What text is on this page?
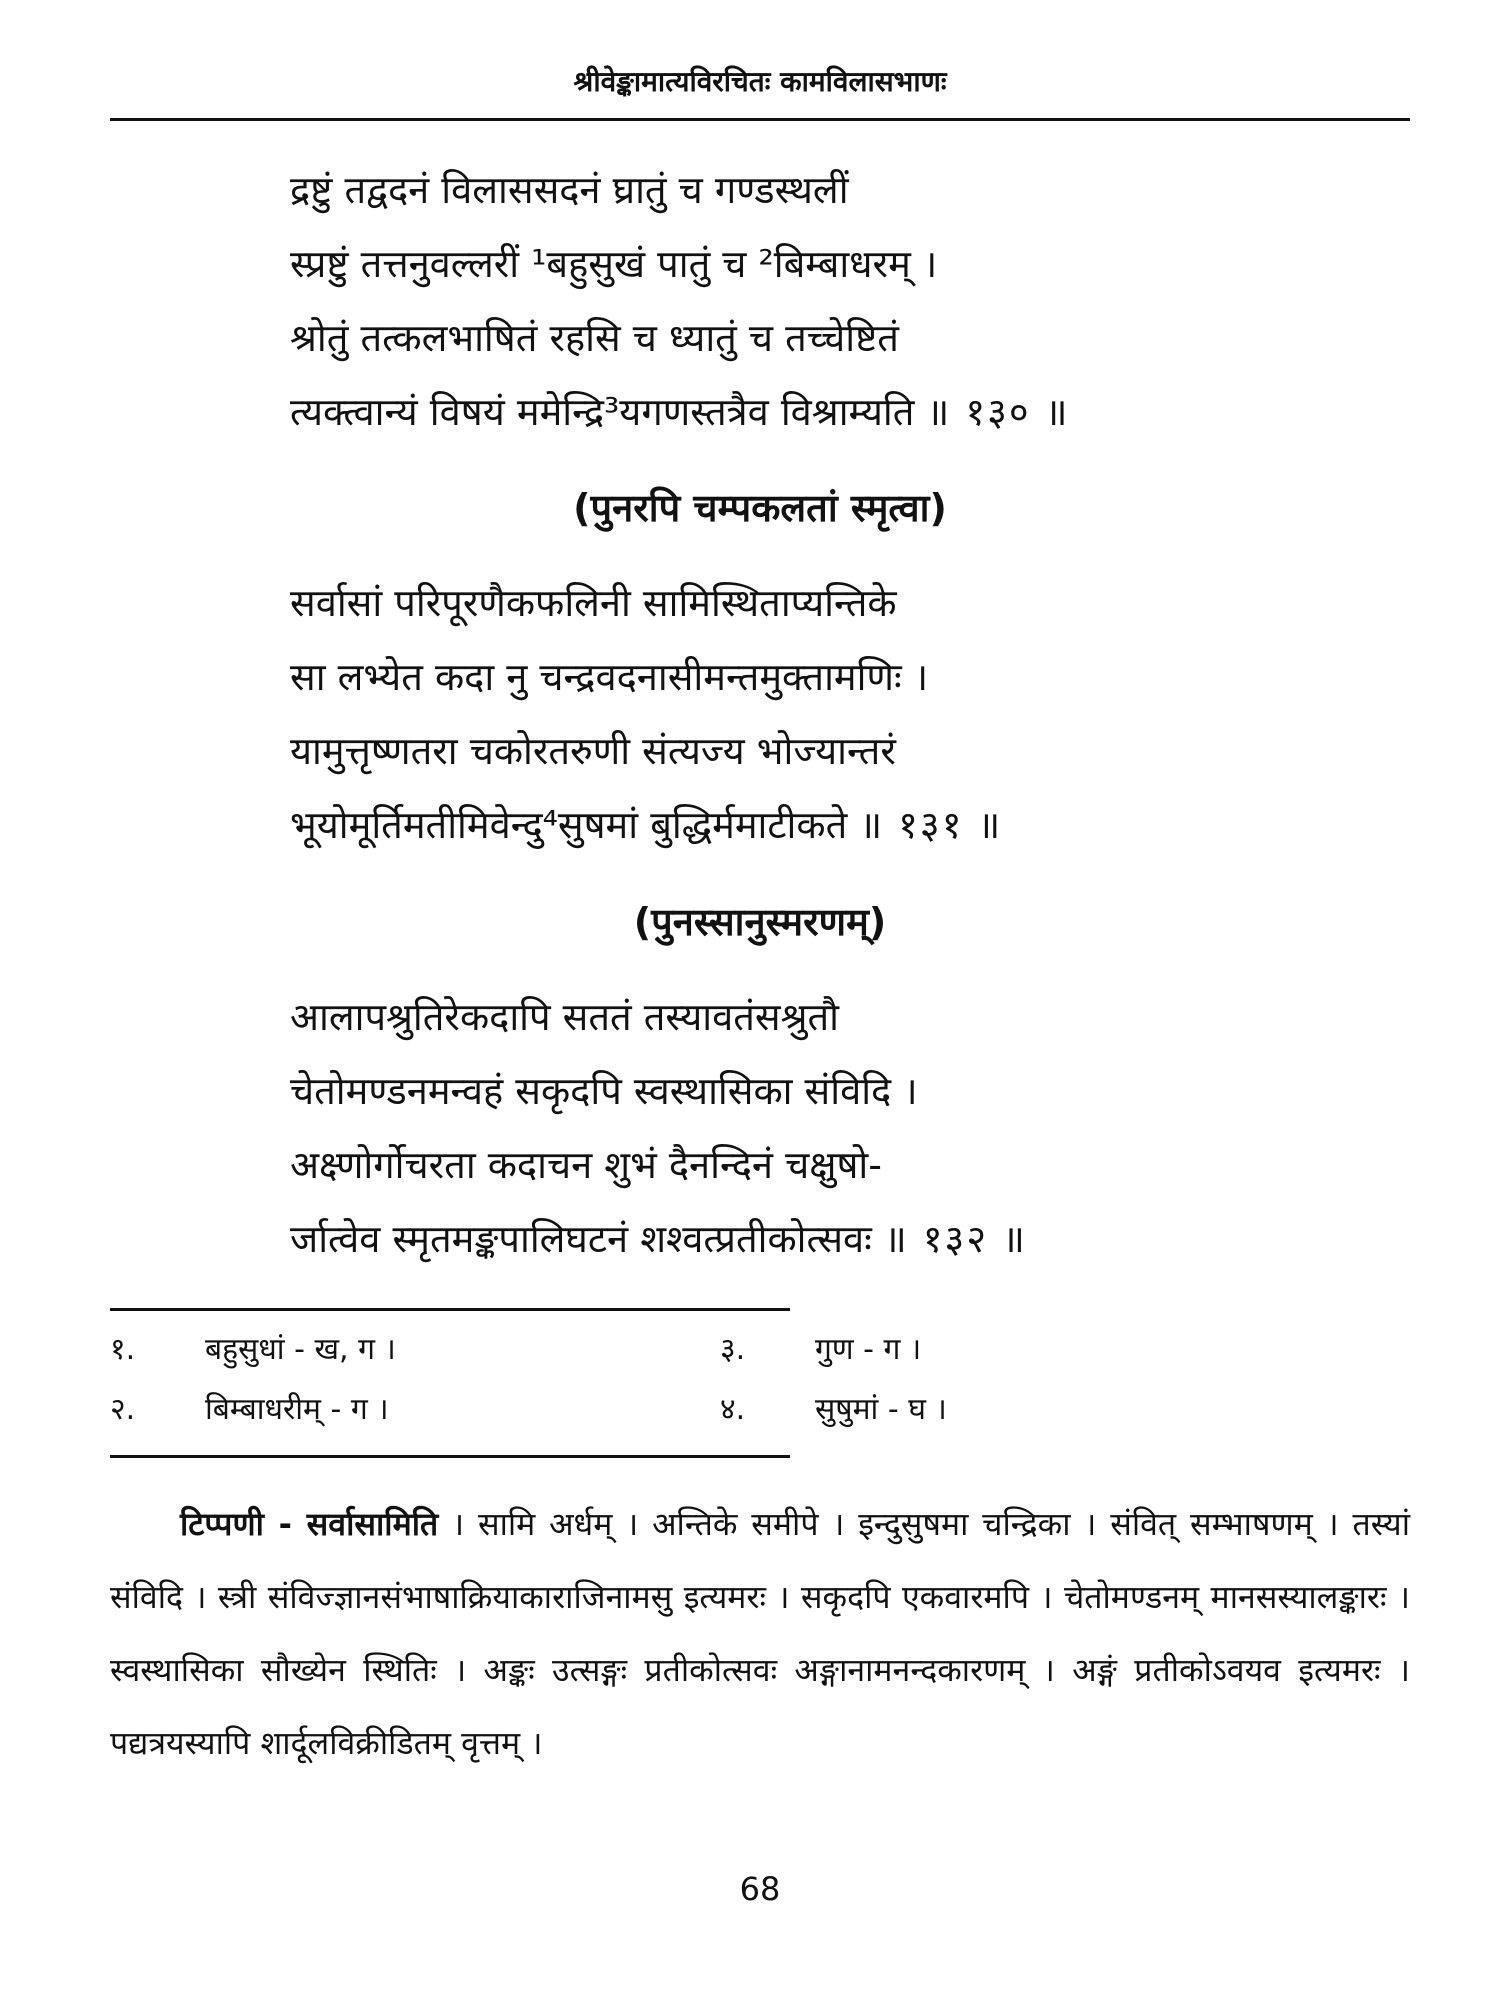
श्रीवेङ्कामात्यविरचितः कामविलासभाणः
द्रष्टुं तद्वदनं विलाससदनं घ्रातुं च गण्डस्थलीं
स्प्रष्टुं तत्तनुवल्लरीं ¹बहुसुखं पातुं च ²बिम्बाधरम् ।
श्रोतुं तत्कलभाषितं रहसि च ध्यातुं च तच्चेष्टितं
त्यक्त्वान्यं विषयं ममेन्द्रि³यगणस्तत्रैव विश्राम्यति ॥ १३० ॥
(पुनरपि चम्पकलतां स्मृत्वा)
सर्वासां परिपूरणैकफलिनी सामिस्थिताप्यन्तिके
सा लभ्येत कदा नु चन्द्रवदनासीमन्तमुक्तामणिः ।
यामुत्तृष्णतरा चकोरतरुणी संत्यज्य भोज्यान्तरं
भूयोमूर्तिमतीमिवेन्दु⁴सुषमां बुद्धिर्ममाटीकते ॥ १३१ ॥
(पुनस्सानुस्मरणम्)
आलापश्रुतिरेकदापि सततं तस्यावतंसश्रुतौ
चेतोमण्डनमन्वहं सकृदपि स्वस्थासिका संविदि ।
अक्ष्णोर्गोचरता कदाचन शुभं दैनन्दिनं चक्षुषो-
र्जात्वेव स्मृतमङ्कपालिघटनं शश्वत्प्रतीकोत्सवः ॥ १३२ ॥
१. बहुसुधां - ख, ग ।	३. गुण - ग ।
२. बिम्बाधरीम् - ग ।	४. सुषुमां - घ ।
टिप्पणी - सर्वासामिति । सामि अर्धम् । अन्तिके समीपे । इन्दुसुषमा चन्द्रिका । संवित् सम्भाषणम् । तस्यां संविदि । स्त्री संविज्ज्ञानसंभाषाक्रियाकाराजिनामसु इत्यमरः । सकृदपि एकवारमपि । चेतोमण्डनम् मानसस्यालङ्कारः । स्वस्थासिका सौख्येन स्थितिः । अङ्कः उत्सङ्गः प्रतीकोत्सवः अङ्गानामनन्दकारणम् । अङ्गं प्रतीकोऽवयव इत्यमरः । पद्यत्रयस्यापि शार्दूलविक्रीडितम् वृत्तम् ।
68
